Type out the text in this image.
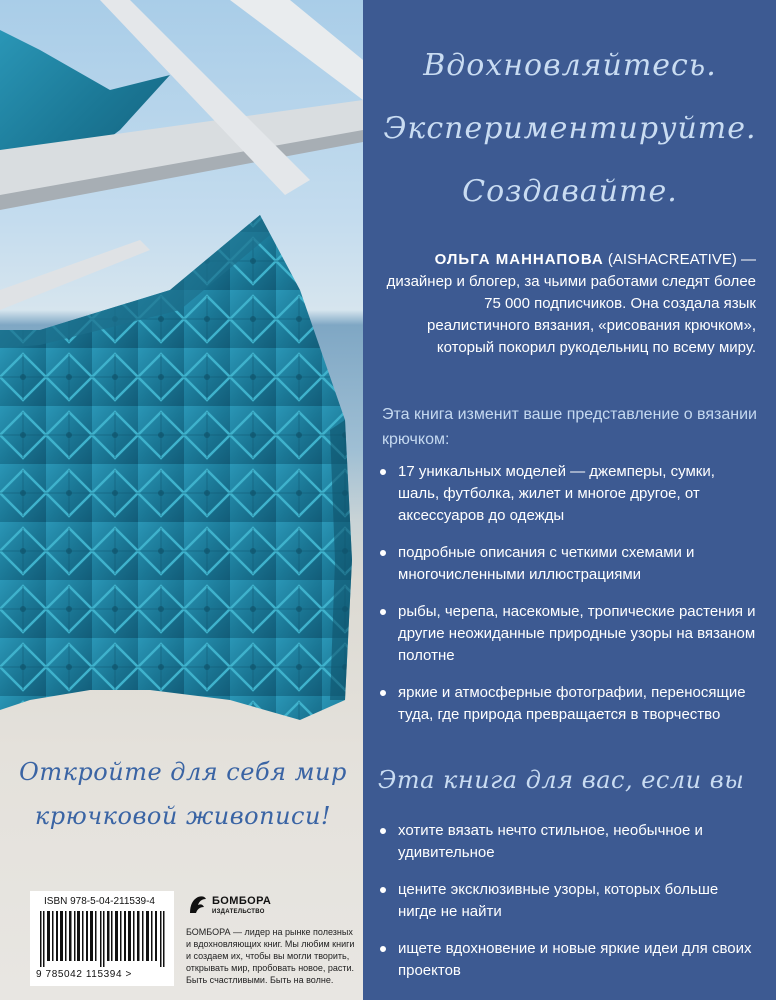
Откройте для себя мир
крючковой живописи!
ISBN 978-5-04-211539-4
9 785042 115394 >
БОМБОРА
ИЗДАТЕЛЬСТВО
БОМБОРА — лидер на рынке полезных и вдохновляющих книг. Мы любим книги и создаем их, чтобы вы могли творить, открывать мир, пробовать новое, расти. Быть счастливыми. Быть на волне.
Вдохновляйтесь.
Экспериментируйте.
Создавайте.
ОЛЬГА МАННАПОВА (AISHACREATIVE) — дизайнер и блогер, за чьими работами следят более 75 000 подписчиков. Она создала язык реалистичного вязания, «рисования крючком», который покорил рукодельниц по всему миру.
Эта книга изменит ваше представление о вязании крючком:
17 уникальных моделей — джемперы, сумки, шаль, футболка, жилет и многое другое, от аксессуаров до одежды
подробные описания с четкими схемами и многочисленными иллюстрациями
рыбы, черепа, насекомые, тропические растения и другие неожиданные природные узоры на вязаном полотне
яркие и атмосферные фотографии, переносящие туда, где природа превращается в творчество
Эта книга для вас, если вы
хотите вязать нечто стильное, необычное и удивительное
цените эксклюзивные узоры, которых больше нигде не найти
ищете вдохновение и новые яркие идеи для своих проектов
